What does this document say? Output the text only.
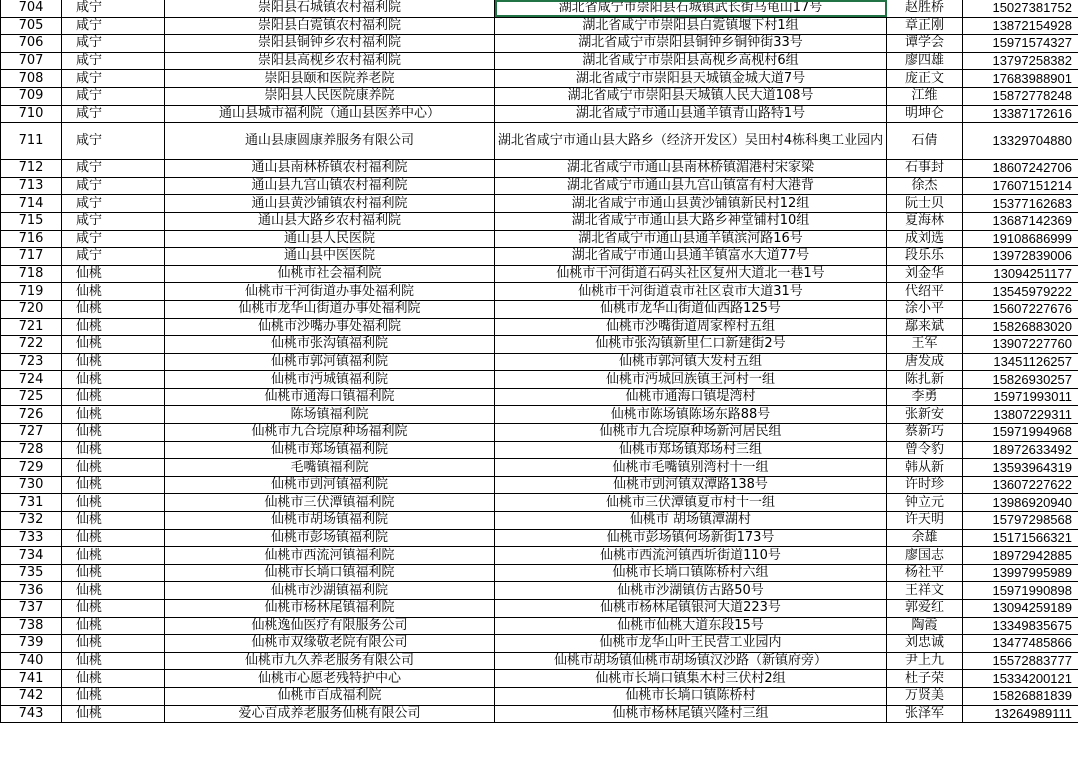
704	咸宁	崇阳县石城镇农村福利院	湖北省咸宁市崇阳县石城镇武长街乌龟山17号	赵胜桥	15027381752
705	咸宁	崇阳县白霓镇农村福利院	湖北省咸宁市崇阳县白霓镇堰下村1组	章正刚	13872154928
706	咸宁	崇阳县铜钟乡农村福利院	湖北省咸宁市崇阳县铜钟乡铜钟街33号	谭学会	15971574327
707	咸宁	崇阳县高枧乡农村福利院	湖北省咸宁市崇阳县高枧乡高枧村6组	廖四雄	13797258382
708	咸宁	崇阳县颐和医院养老院	湖北省咸宁市崇阳县天城镇金城大道7号	庞正文	17683988901
709	咸宁	崇阳县人民医院康养院	湖北省咸宁市崇阳县天城镇人民大道108号	江维	15872778248
710	咸宁	通山县城市福利院（通山县医养中心）	湖北省咸宁市通山县通羊镇青山路特1号	明坤仑	13387172616
711	咸宁	通山县康圆康养服务有限公司	湖北省咸宁市通山县大路乡（经济开发区）吴田村4栋科奥工业园内	石倩	13329704880
712	咸宁	通山县南林桥镇农村福利院	湖北省咸宁市通山县南林桥镇湄港村宋家梁	石事封	18607242706
713	咸宁	通山县九宫山镇农村福利院	湖北省咸宁市通山县九宫山镇富有村大港背	徐杰	17607151214
714	咸宁	通山县黄沙铺镇农村福利院	湖北省咸宁市通山县黄沙铺镇新民村12组	阮士贝	15377162683
715	咸宁	通山县大路乡农村福利院	湖北省咸宁市通山县大路乡神堂铺村10组	夏海林	13687142369
716	咸宁	通山县人民医院	湖北省咸宁市通山县通羊镇滨河路16号	成刘选	19108686999
717	咸宁	通山县中医医院	湖北省咸宁市通山县通羊镇富水大道77号	段乐乐	13972839006
718	仙桃	仙桃市社会福利院	仙桃市干河街道石码头社区复州大道北一巷1号	刘金华	13094251177
719	仙桃	仙桃市干河街道办事处福利院	仙桃市干河街道袁市社区袁市大道31号	代绍平	13545979222
720	仙桃	仙桃市龙华山街道办事处福利院	仙桃市龙华山街道仙西路125号	涂小平	15607227676
721	仙桃	仙桃市沙嘴办事处福利院	仙桃市沙嘴街道周家榨村五组	鄢来斌	15826883020
722	仙桃	仙桃市张沟镇福利院	仙桃市张沟镇新里仁口新建街2号	王军	13907227760
723	仙桃	仙桃市郭河镇福利院	仙桃市郭河镇大发村五组	唐发成	13451126257
724	仙桃	仙桃市沔城镇福利院	仙桃市沔城回族镇王河村一组	陈扎新	15826930257
725	仙桃	仙桃市通海口镇福利院	仙桃市通海口镇堤湾村	李勇	15971993011
726	仙桃	陈场镇福利院	仙桃市陈场镇陈场东路88号	张新安	13807229311
727	仙桃	仙桃市九合垸原种场福利院	仙桃市九合垸原种场新河居民组	蔡新巧	15971994968
728	仙桃	仙桃市郑场镇福利院	仙桃市郑场镇郑场村三组	曾令豹	18972633492
729	仙桃	毛嘴镇福利院	仙桃市毛嘴镇别湾村十一组	韩从新	13593964319
730	仙桃	仙桃市剅河镇福利院	仙桃市剅河镇双潭路138号	许时珍	13607227622
731	仙桃	仙桃市三伏潭镇福利院	仙桃市三伏潭镇夏市村十一组	钟立元	13986920940
732	仙桃	仙桃市胡场镇福利院	仙桃市 胡场镇潭湖村	许天明	15797298568
733	仙桃	仙桃市彭场镇福利院	仙桃市彭场镇何场新街173号	余雄	15171566321
734	仙桃	仙桃市西流河镇福利院	仙桃市西流河镇西圻街道110号	廖国志	18972942885
735	仙桃	仙桃市长埫口镇福利院	仙桃市长埫口镇陈桥村六组	杨社平	13997995989
736	仙桃	仙桃市沙湖镇福利院	仙桃市沙湖镇仿古路50号	王祥文	15971990898
737	仙桃	仙桃市杨林尾镇福利院	仙桃市杨林尾镇银河大道223号	郭爱红	13094259189
738	仙桃	仙桃逸仙医疗有限服务公司	仙桃市仙桃大道东段15号	陶霞	13349835675
739	仙桃	仙桃市双缘敬老院有限公司	仙桃市龙华山叶王民营工业园内	刘忠诚	13477485866
740	仙桃	仙桃市九久养老服务有限公司	仙桃市胡场镇仙桃市胡场镇汉沙路（新镇府旁）	尹上九	15572883777
741	仙桃	仙桃市心愿老残特护中心	仙桃市长埫口镇集木村三伏村2组	杜子荣	15334200121
742	仙桃	仙桃市百成福利院	仙桃市长埫口镇陈桥村	万贤美	15826881839
743	仙桃	爱心百成养老服务仙桃有限公司	仙桃市杨林尾镇兴隆村三组	张泽军	13264989111
